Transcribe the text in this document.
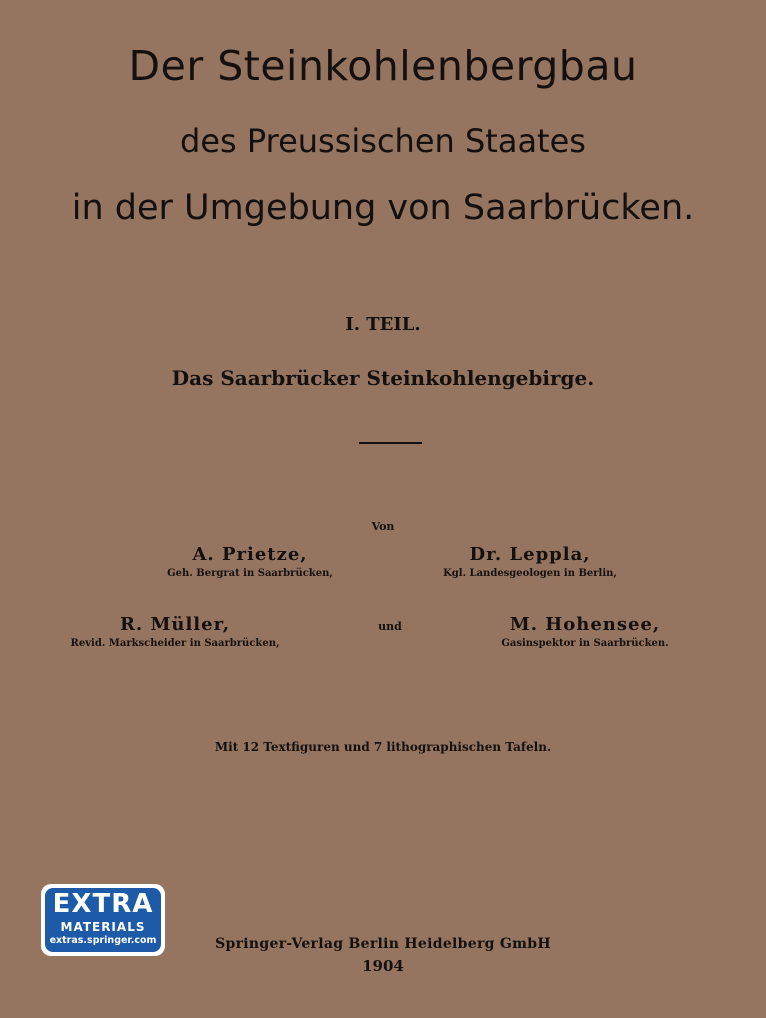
Der Steinkohlenbergbau
des Preussischen Staates
in der Umgebung von Saarbrücken.
I. TEIL.
Das Saarbrücker Steinkohlengebirge.
Von
A. Prietze,
Geh. Bergrat in Saarbrücken,
Dr. Leppla,
Kgl. Landesgeologen in Berlin,
R. Müller,
Revid. Markscheider in Saarbrücken,
und	M. Hohensee,
Gasinspektor in Saarbrücken.
Mit 12 Textfiguren und 7 lithographischen Tafeln.
EXTRA
MATERIALS
extras.springer.com	Springer-Verlag Berlin Heidelberg GmbH
1904
